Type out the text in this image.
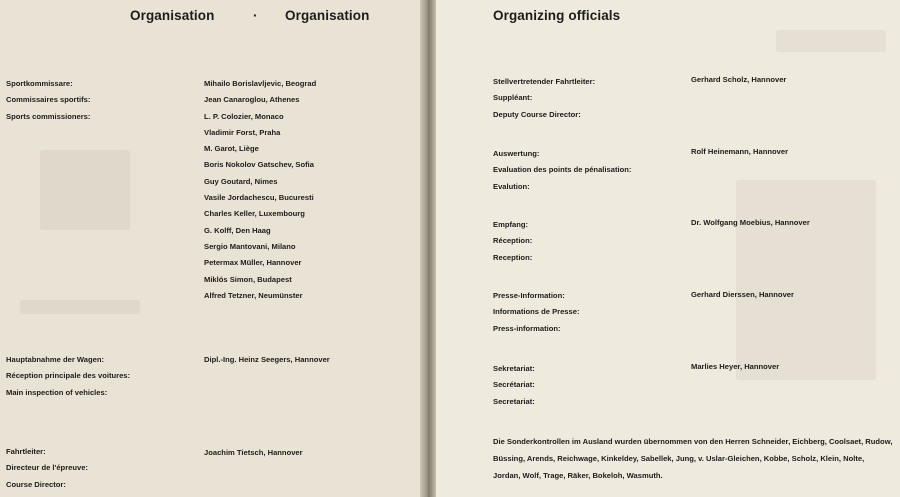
Organisation	· Organisation
Sportkommissare:
Commissaires sportifs:
Sports commissioners:
Mihailo Borislavljevic, Beograd
Jean Canaroglou, Athenes
L. P. Colozier, Monaco
Vladimir Forst, Praha
M. Garot, Liège
Boris Nokolov Gatschev, Sofia
Guy Goutard, Nimes
Vasile Jordachescu, Bucuresti
Charles Keller, Luxembourg
G. Kolff, Den Haag
Sergio Mantovani, Milano
Petermax Müller, Hannover
Miklós Simon, Budapest
Alfred Tetzner, Neumünster
Hauptabnahme der Wagen:
Réception principale des voitures:
Main inspection of vehicles:
Dipl.-Ing. Heinz Seegers, Hannover
Fahrtleiter:
Directeur de l'épreuve:
Course Director:
Joachim Tietsch, Hannover
Organizing officials
Stellvertretender Fahrtleiter:
Suppléant:
Deputy Course Director:
Gerhard Scholz, Hannover
Auswertung:
Evaluation des points de pénalisation:
Evalution:
Rolf Heinemann, Hannover
Empfang:
Réception:
Reception:
Dr. Wolfgang Moebius, Hannover
Presse-Information:
Informations de Presse:
Press-information:
Gerhard Dierssen, Hannover
Sekretariat:
Secrétariat:
Secretariat:
Marlies Heyer, Hannover
Die Sonderkontrollen im Ausland wurden übernommen von den Herren Schneider, Eichberg, Coolsaet, Rudow, Büssing, Arends, Reichwage, Kinkeldey, Sabellek, Jung, v. Uslar-Gleichen, Kobbe, Scholz, Klein, Nolte, Jordan, Wolf, Trage, Räker, Bokeloh, Wasmuth.
